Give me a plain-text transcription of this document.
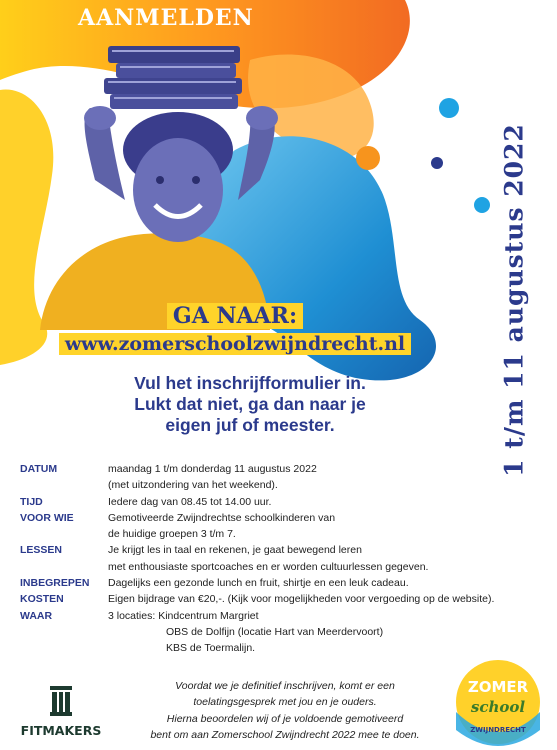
AANMELDEN
1 t/m 11 augustus 2022
GA NAAR:
www.zomerschoolzwijndrecht.nl
Vul het inschrijfformulier in.
Lukt dat niet, ga dan naar je
eigen juf of meester.
DATUM	maandag 1 t/m donderdag 11 augustus 2022
(met uitzondering van het weekend).
TIJD	Iedere dag van 08.45 tot 14.00 uur.
VOOR WIE	Gemotiveerde Zwijndrechtse schoolkinderen van
de huidige groepen 3 t/m 7.
LESSEN	Je krijgt les in taal en rekenen, je gaat bewegend leren
met enthousiaste sportcoaches en er worden cultuurlessen gegeven.
INBEGREPEN	Dagelijks een gezonde lunch en fruit, shirtje en een leuk cadeau.
KOSTEN	Eigen bijdrage van €20,-. (Kijk voor mogelijkheden voor vergoeding op de website).
WAAR	3 locaties: Kindcentrum Margriet
OBS de Dolfijn (locatie Hart van Meerdervoort)
KBS de Toermalijn.
Voordat we je definitief inschrijven, komt er een
toelatingsgesprek met jou en je ouders.
Hierna beoordelen wij of je voldoende gemotiveerd
bent om aan Zomerschool Zwijndrecht 2022 mee te doen.
FITMAKERS
ZOMER
school
ZWIJNDRECHT
